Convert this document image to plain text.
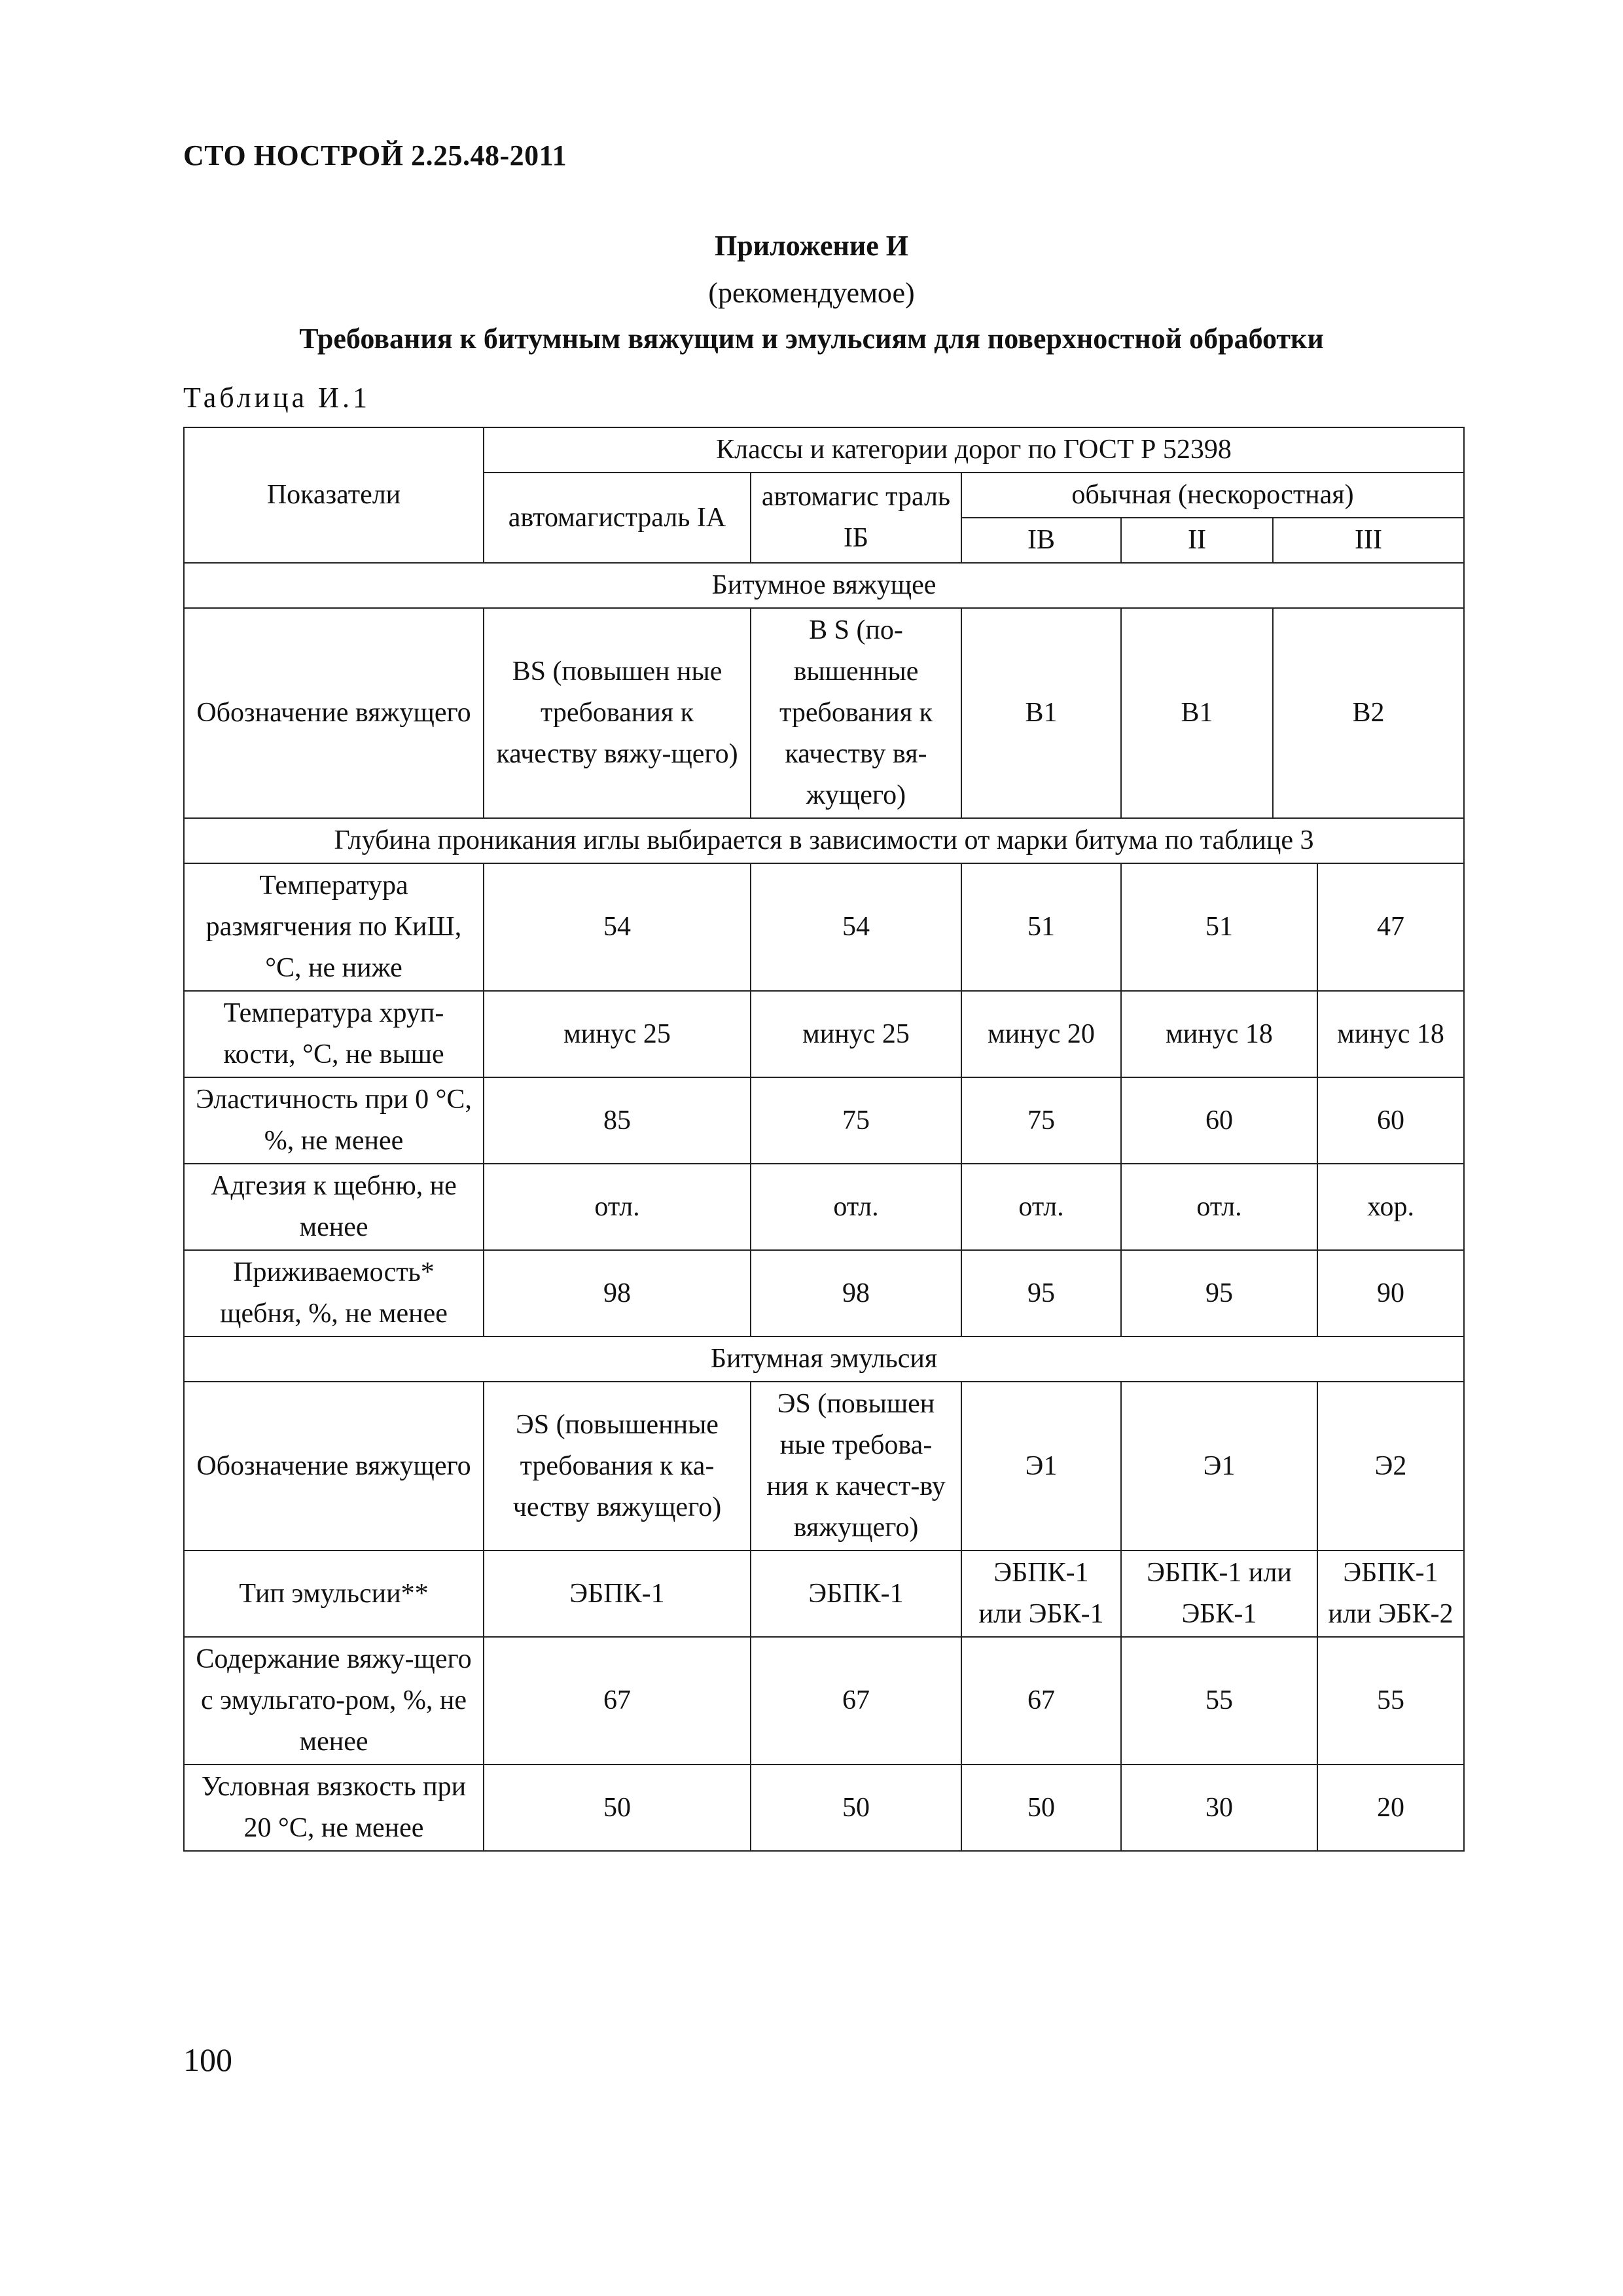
СТО НОСТРОЙ 2.25.48-2011
Приложение И
(рекомендуемое)
Требования к битумным вяжущим и эмульсиям для поверхностной обработки
Таблица И.1
Показатели	Классы и категории дорог по ГОСТ Р 52398					
	автомагистраль IA	автомагис траль IБ	обычная (нескоростная)			
			IB	II	III	
Битумное вяжущее						
Обозначение вяжущего	BS (повышен ные требования к качеству вяжу-щего)	B S (по-вышенные требования к качеству вя-жущего)	B1	B1	B2	
Глубина проникания иглы выбирается в зависимости от марки битума по таблице 3						
Температура размягчения по КиШ, °С, не ниже	54	54	51	51		47
Температура хруп-кости, °С, не выше	минус 25	минус 25	минус 20	минус 18		минус 18
Эластичность при 0 °С, %, не менее	85	75	75	60		60
Адгезия к щебню, не менее	отл.	отл.	отл.	отл.		хор.
Приживаемость* щебня, %, не менее	98	98	95	95		90
Битумная эмульсия						
Обозначение вяжущего	ЭS (повышенные требования к ка-честву вяжущего)	ЭS (повышен ные требова-ния к качест-ву вяжущего)	Э1	Э1		Э2
Тип эмульсии**	ЭБПК-1	ЭБПК-1	ЭБПК-1 или ЭБК-1	ЭБПК-1 или ЭБК-1		ЭБПК-1 или ЭБК-2
Содержание вяжу-щего с эмульгато-ром, %, не менее	67	67	67	55		55
Условная вязкость при 20 °С, не менее	50	50	50	30		20
100
